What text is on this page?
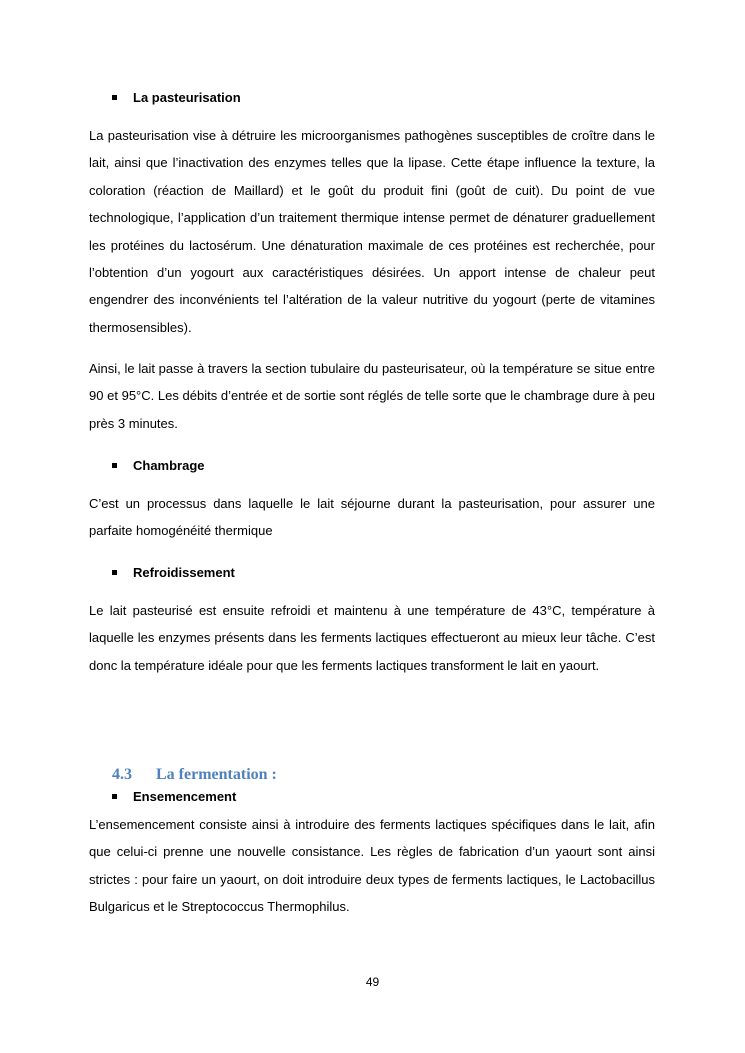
La pasteurisation

La pasteurisation vise à détruire les microorganismes pathogènes susceptibles de croître dans le lait, ainsi que l’inactivation des enzymes telles que la lipase. Cette étape influence la texture, la coloration (réaction de Maillard) et le goût du produit fini (goût de cuit). Du point de vue technologique, l’application d’un traitement thermique intense permet de dénaturer graduellement les protéines du lactosérum. Une dénaturation maximale de ces protéines est recherchée, pour l’obtention d’un yogourt aux caractéristiques désirées. Un apport intense de chaleur peut engendrer des inconvénients tel l’altération de la valeur nutritive du yogourt (perte de vitamines thermosensibles).

Ainsi, le lait passe à travers la section tubulaire du pasteurisateur, où la température se situe entre 90 et 95°C. Les débits d’entrée et de sortie sont réglés de telle sorte que le chambrage dure à peu près 3 minutes.

Chambrage

C’est un processus dans laquelle le lait séjourne durant la pasteurisation, pour assurer une parfaite homogénéité thermique

Refroidissement

Le lait pasteurisé est ensuite refroidi et maintenu à une température de 43°C, température à laquelle les enzymes présents dans les ferments lactiques effectueront au mieux leur tâche. C’est donc la température idéale pour que les ferments lactiques transforment le lait en yaourt.

4.3 La fermentation :
Ensemencement

L’ensemencement consiste ainsi à introduire des ferments lactiques spécifiques dans le lait, afin que celui-ci prenne une nouvelle consistance. Les règles de fabrication d’un yaourt sont ainsi strictes : pour faire un yaourt, on doit introduire deux types de ferments lactiques, le Lactobacillus Bulgaricus et le Streptococcus Thermophilus.

49
